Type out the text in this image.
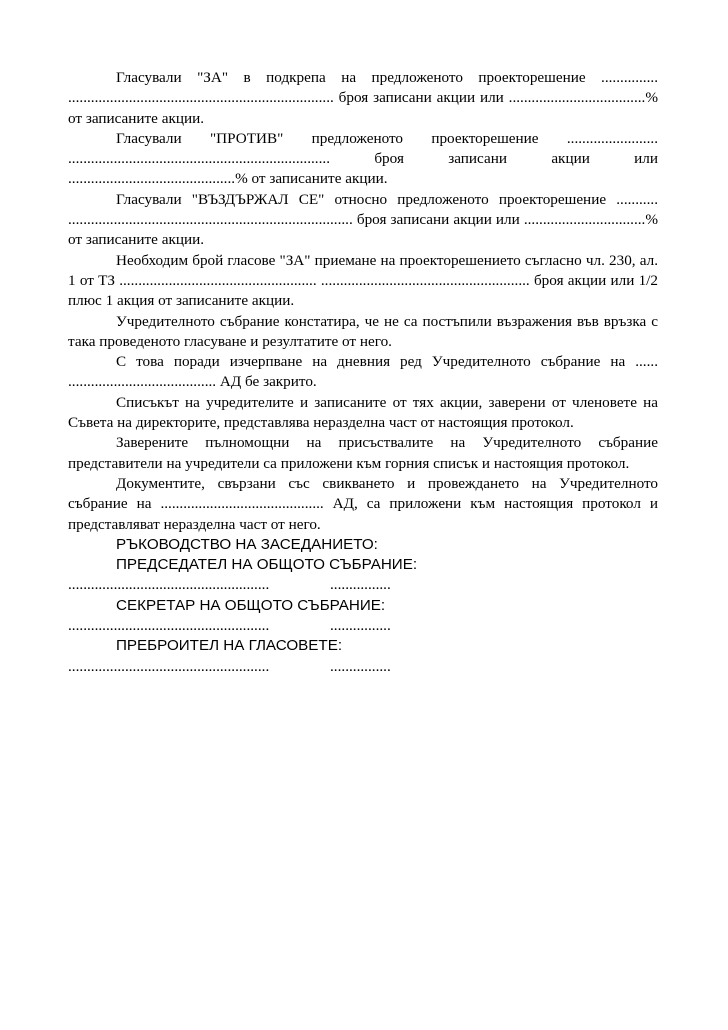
Гласували "ЗА" в подкрепа на предложеното проекторешение ............... ...................................................................... броя записани акции или ....................................% от записаните акции.

Гласували "ПРОТИВ" предложеното проекторешение ........................ ..................................................................... броя записани акции или ............................................% от записаните акции.

Гласували "ВЪЗДЪРЖАЛ СЕ" относно предложеното проекторешение ........... ........................................................................... броя записани акции или ................................% от записаните акции.

Необходим брой гласове "ЗА" приемане на проекторешението съгласно чл. 230, ал. 1 от ТЗ .................................................... ....................................................... броя акции или 1/2 плюс 1 акция от записаните акции.

Учредителното събрание констатира, че не са постъпили възражения във връзка с така проведеното гласуване и резултатите от него.

С това поради изчерпване на дневния ред Учредителното събрание на ...... ....................................... АД бе закрито.

Списъкът на учредителите и записаните от тях акции, заверени от членовете на Съвета на директорите, представлява неразделна част от настоящия протокол.

Заверените пълномощни на присъствалите на Учредителното събрание представители на учредители са приложени към горния списък и настоящия протокол.

Документите, свързани със свикването и провеждането на Учредителното събрание на ........................................... АД, са приложени към настоящия протокол и представляват неразделна част от него.

РЪКОВОДСТВО НА ЗАСЕДАНИЕТО:

ПРЕДСЕДАТЕЛ НА ОБЩОТО СЪБРАНИЕ:

.....................................................	................

СЕКРЕТАР НА ОБЩОТО СЪБРАНИЕ:

.....................................................	................

ПРЕБРОИТЕЛ НА ГЛАСОВЕТЕ:

.....................................................	................
